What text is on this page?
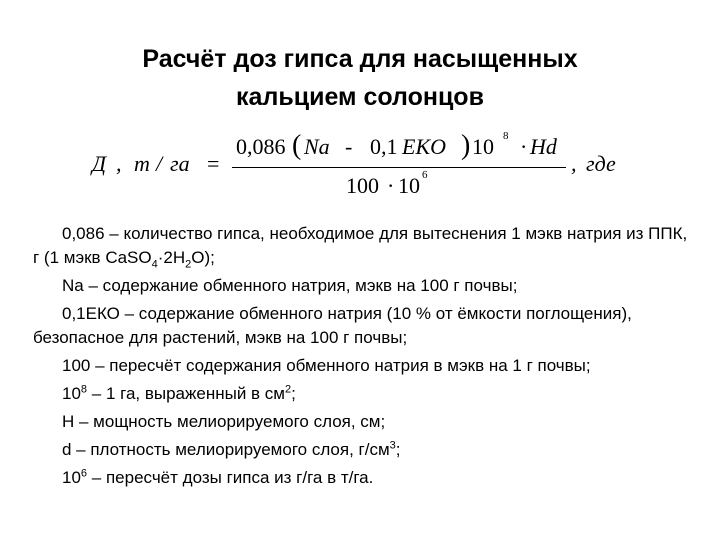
Расчёт доз гипса для насыщенных
кальцием солонцов
Д , т / га =
0,086 ( Na - 0,1 EKO ) 10 8 · Hd
100 · 10 6	, где

0,086 – количество гипса, необходимое для вытеснения 1 мэкв натрия из ППК, г (1 мэкв $CaSO_4\cdot 2H_2O$);

Na – содержание обменного натрия, мэкв на 100 г почвы;

0,1ЕКО – содержание обменного натрия (10 % от ёмкости поглощения), безопасное для растений, мэкв на 100 г почвы;

100 – пересчёт содержания обменного натрия в мэкв на 1 г почвы;

$10^8 - 1$ га, выраженный в $см^2$;

H – мощность мелиорируемого слоя, см;

d – плотность мелиорируемого слоя, $г/см^3$;

$10^6$ – пересчёт дозы гипса из г/га в т/га.
